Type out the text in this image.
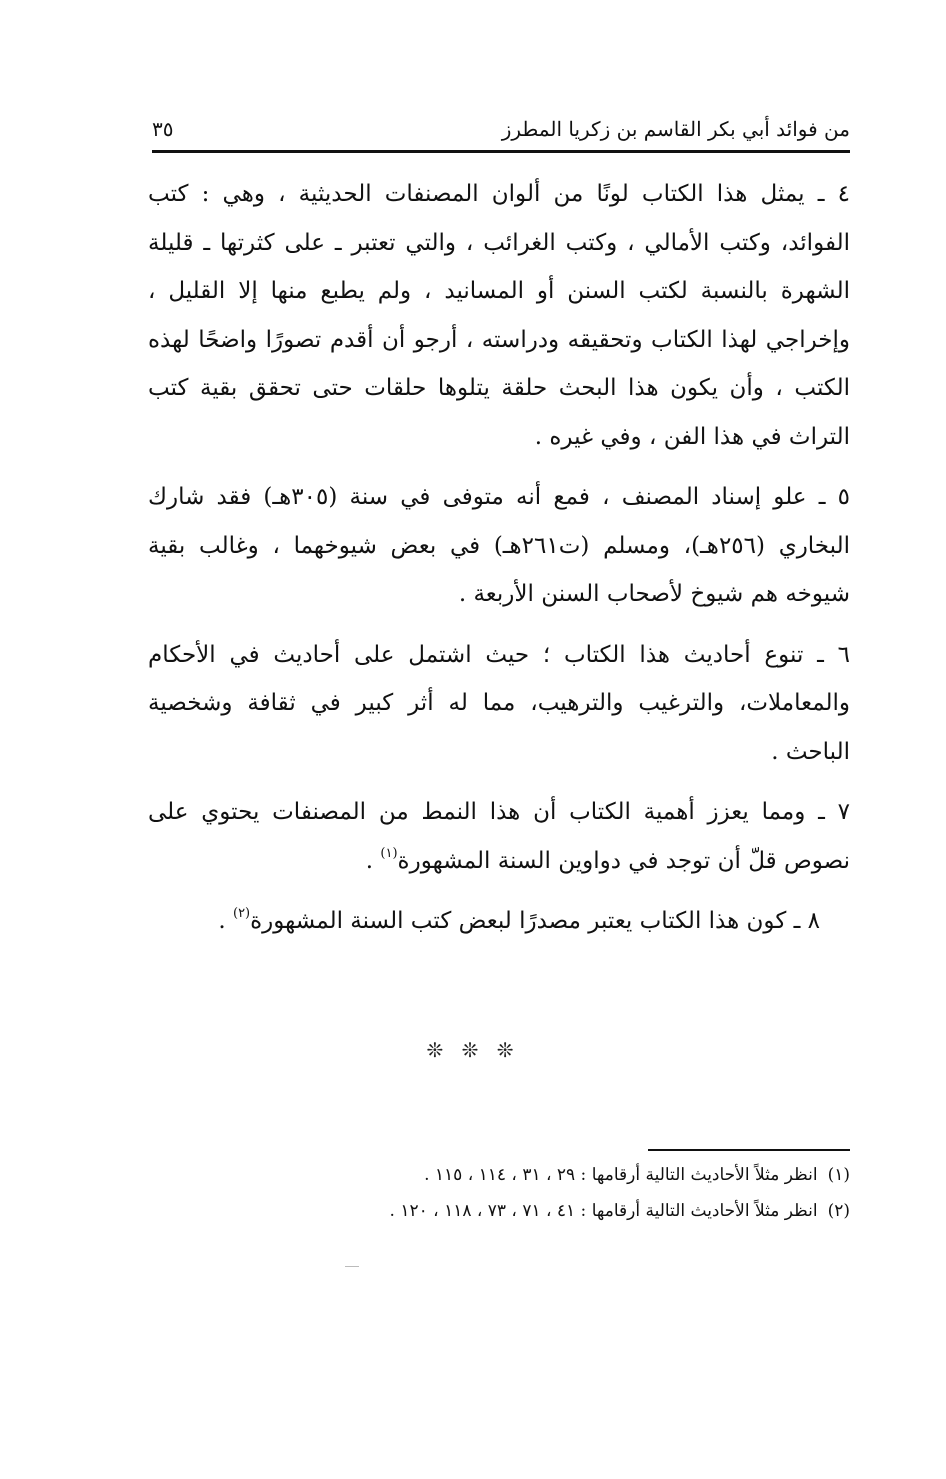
من فوائد أبي بكر القاسم بن زكريا المطرز
٣٥

٤ ـ يمثل هذا الكتاب لونًا من ألوان المصنفات الحديثية ، وهي : كتب الفوائد، وكتب الأمالي ، وكتب الغرائب ، والتي تعتبر ـ على كثرتها ـ قليلة الشهرة بالنسبة لكتب السنن أو المسانيد ، ولم يطبع منها إلا القليل ، وإخراجي لهذا الكتاب وتحقيقه ودراسته ، أرجو أن أقدم تصورًا واضحًا لهذه الكتب ، وأن يكون هذا البحث حلقة يتلوها حلقات حتى تحقق بقية كتب التراث في هذا الفن ، وفي غيره .

٥ ـ علو إسناد المصنف ، فمع أنه متوفى في سنة (٣٠٥هـ) فقد شارك البخاري (٢٥٦هـ)، ومسلم (ت٢٦١هـ) في بعض شيوخهما ، وغالب بقية شيوخه هم شيوخ لأصحاب السنن الأربعة .

٦ ـ تنوع أحاديث هذا الكتاب ؛ حيث اشتمل على أحاديث في الأحكام والمعاملات، والترغيب والترهيب، مما له أثر كبير في ثقافة وشخصية الباحث .

٧ ـ ومما يعزز أهمية الكتاب أن هذا النمط من المصنفات يحتوي على نصوص قلّ أن توجد في دواوين السنة المشهورة$^{(١)}$ .

٨ ـ كون هذا الكتاب يعتبر مصدرًا لبعض كتب السنة المشهورة$^{(٢)}$ .

❊ ❊ ❊

(١)انظر مثلاً الأحاديث التالية أرقامها : ٢٩ ، ٣١ ، ١١٤ ، ١١٥ .

(٢)انظر مثلاً الأحاديث التالية أرقامها : ٤١ ، ٧١ ، ٧٣ ، ١١٨ ، ١٢٠ .
